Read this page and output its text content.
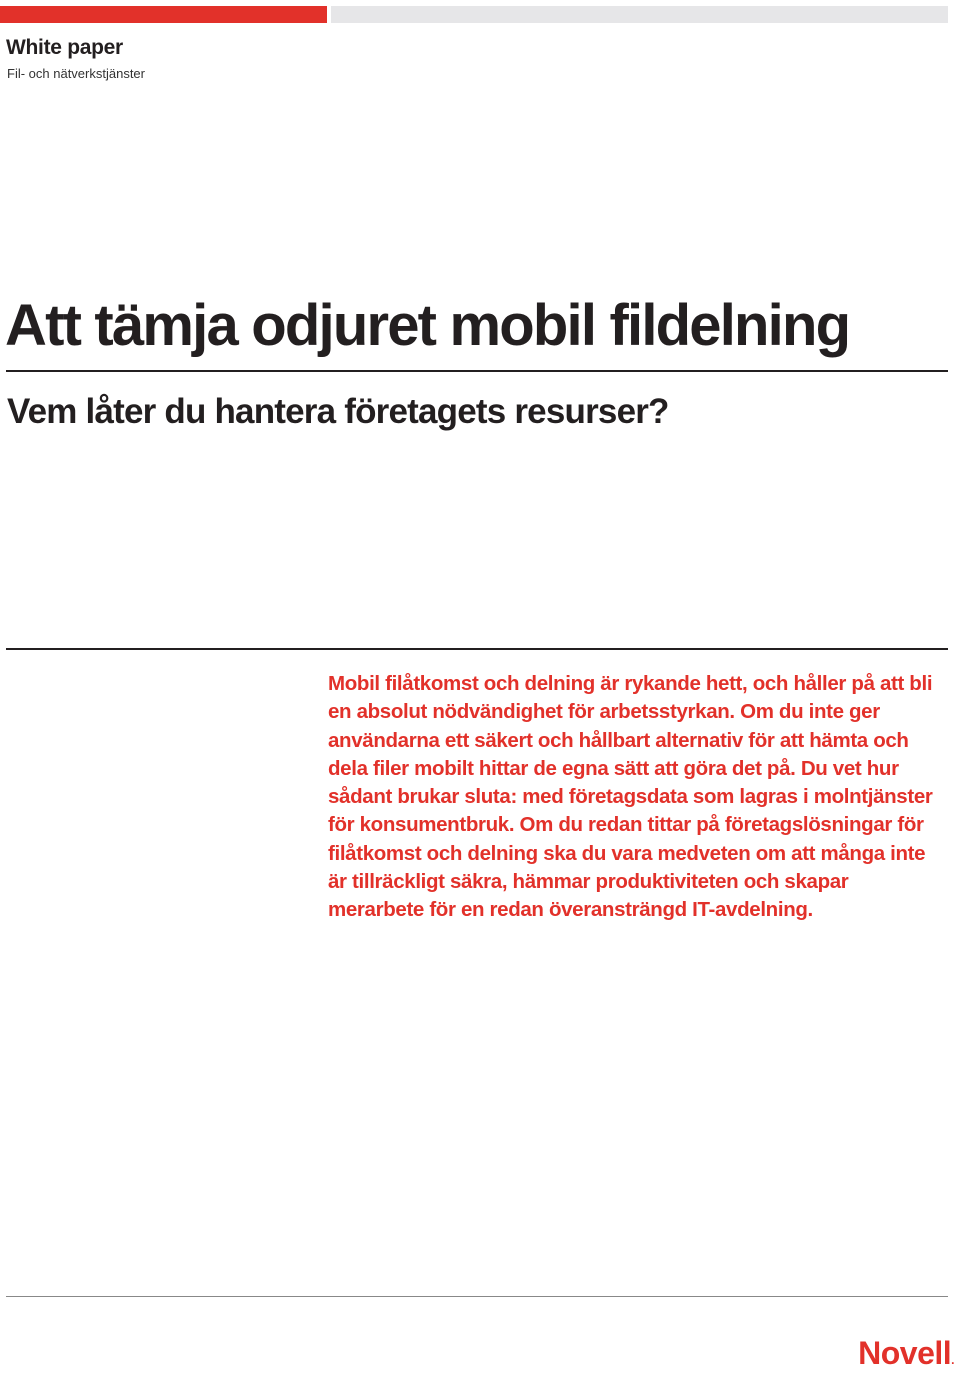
White paper

Fil- och nätverkstjänster

Att tämja odjuret mobil fildelning
Vem låter du hantera företagets resurser?

Mobil filåtkomst och delning är rykande hett, och håller på att bli en absolut nödvändighet för arbetsstyrkan. Om du inte ger användarna ett säkert och hållbart alternativ för att hämta och dela filer mobilt hittar de egna sätt att göra det på. Du vet hur sådant brukar sluta: med företagsdata som lagras i molntjänster för konsumentbruk. Om du redan tittar på företagslösningar för filåtkomst och delning ska du vara medveten om att många inte är tillräckligt säkra, hämmar produktiviteten och skapar merarbete för en redan överansträngd IT-avdelning.

Novell.
